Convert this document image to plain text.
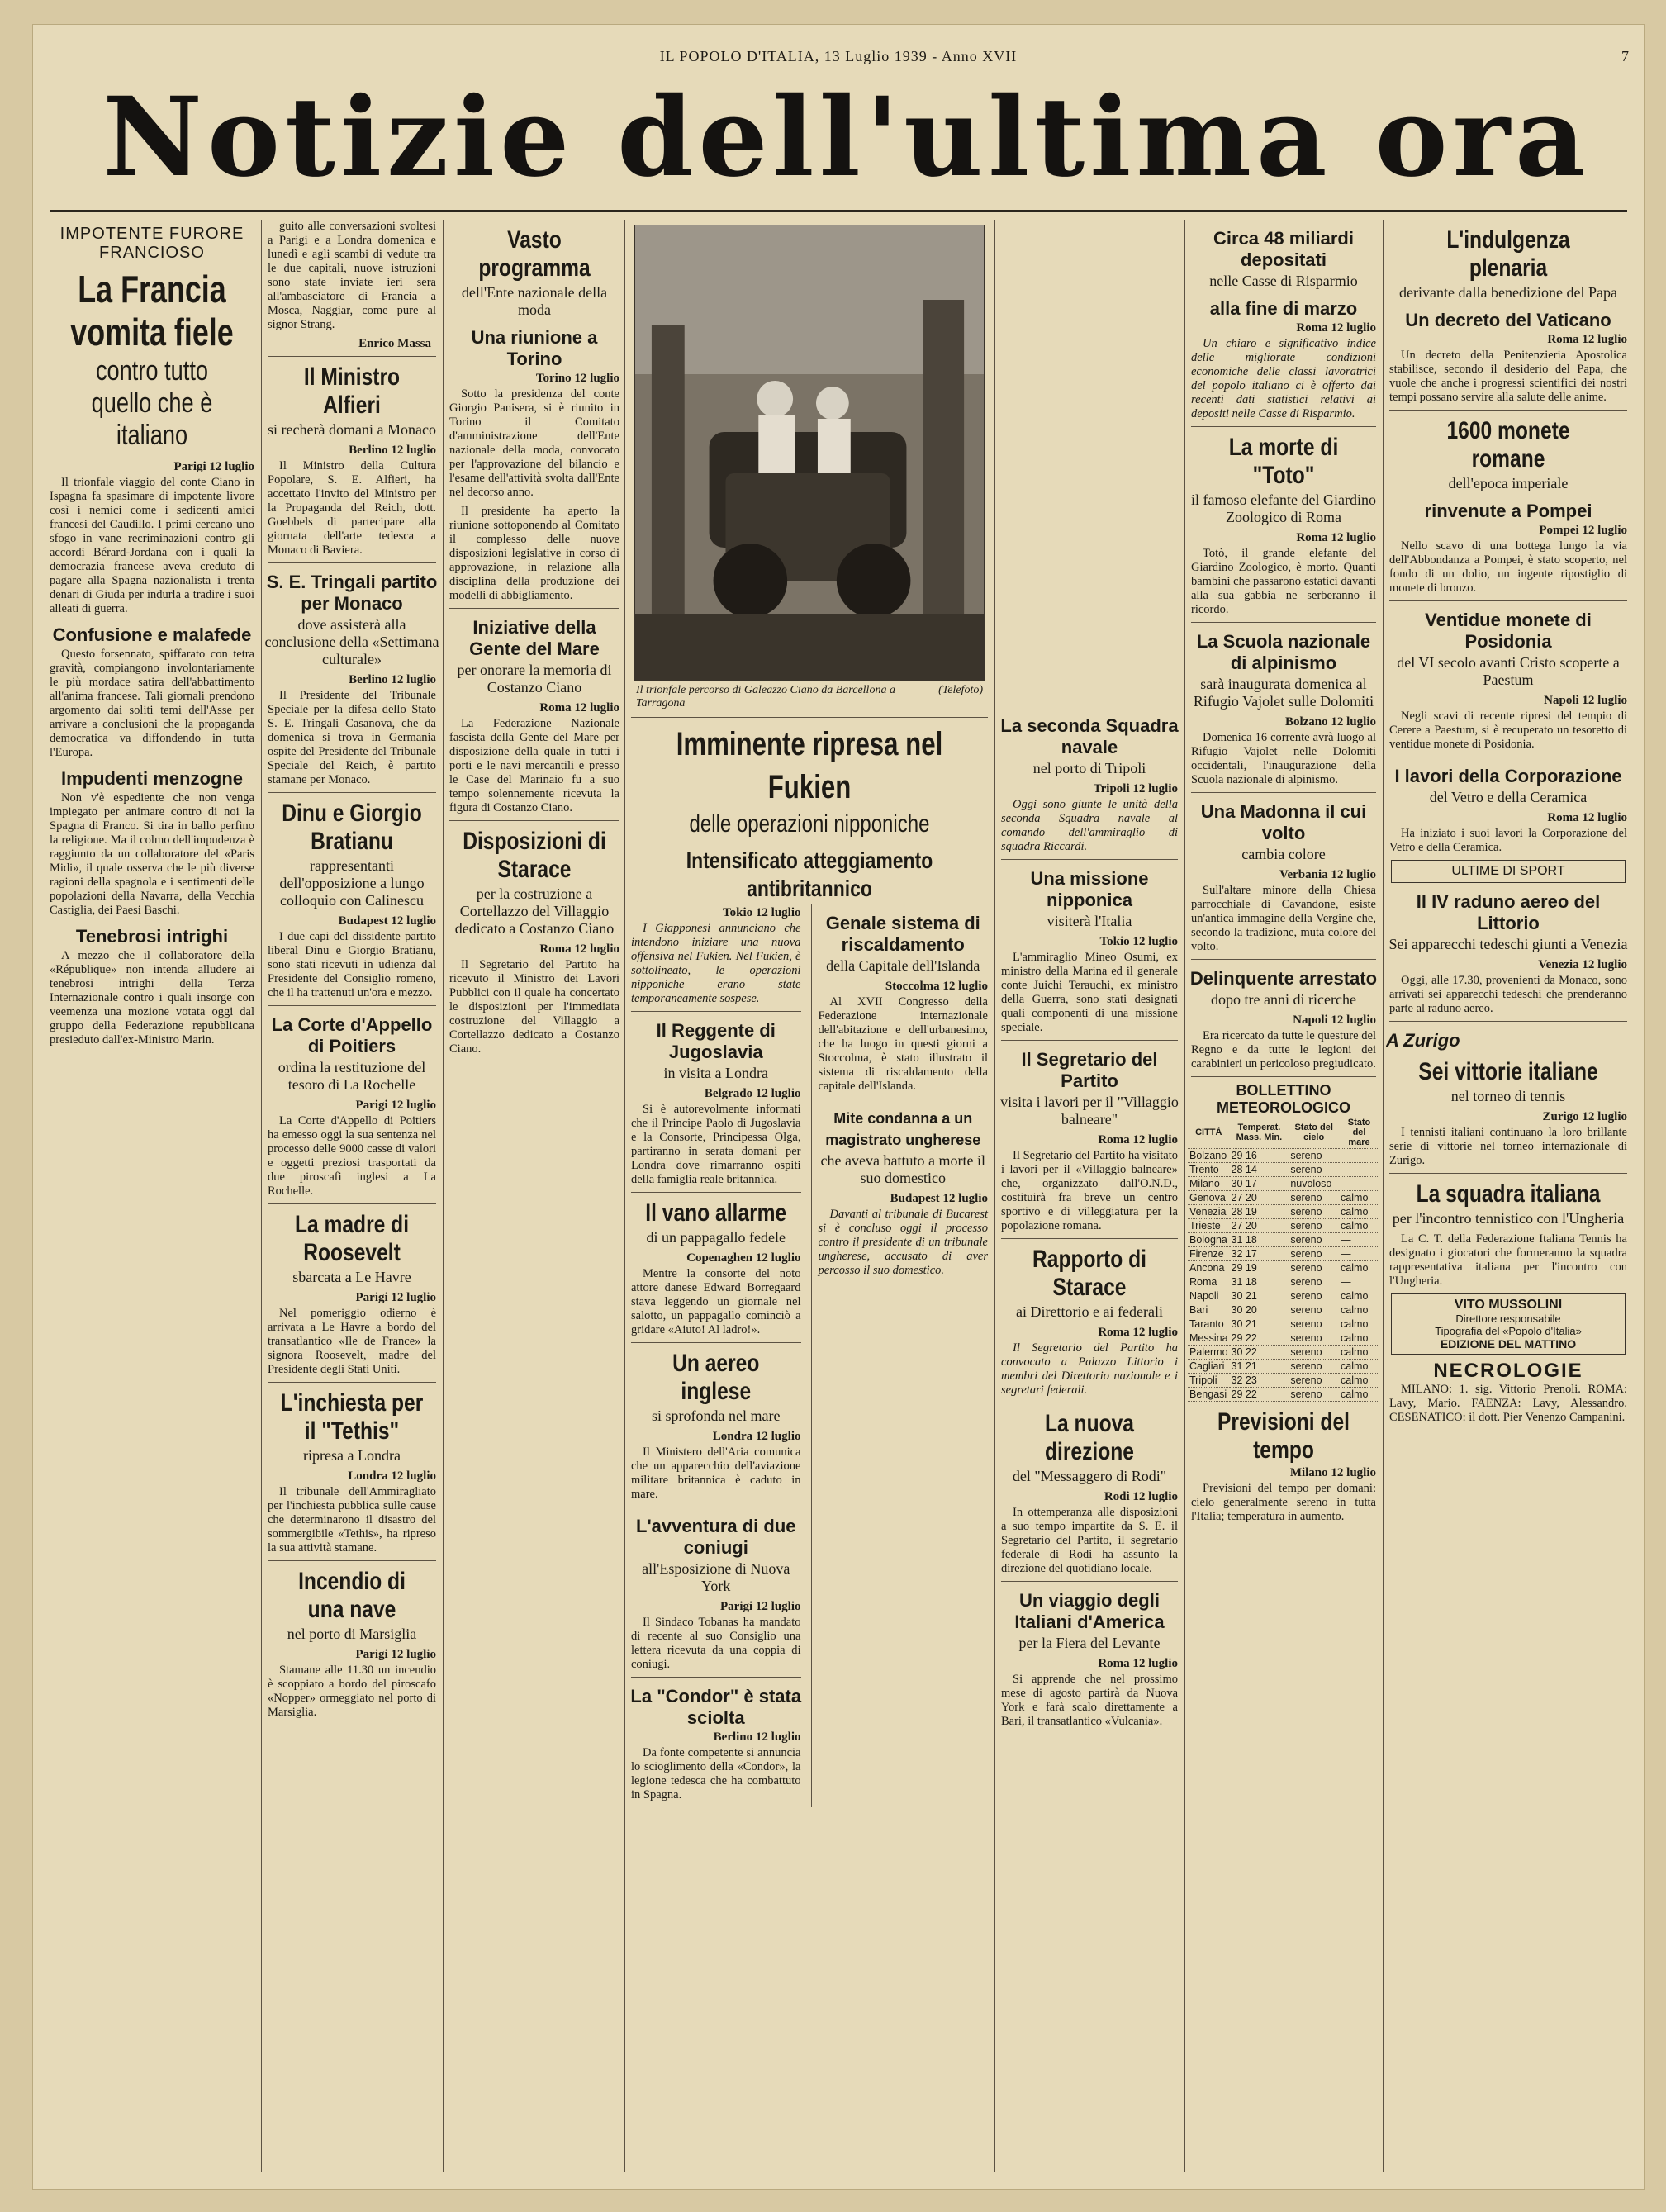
IL POPOLO D'ITALIA, 13 Luglio 1939 - Anno XVII	7
Notizie dell'ultima ora
IMPOTENTE FURORE FRANCIOSO
La Francia vomita fiele
contro tutto quello che è italiano
Parigi 12 luglio

Il trionfale viaggio del conte Ciano in Ispagna fa spasimare di impotente livore così i nemici come i sedicenti amici francesi del Caudillo. I primi cercano uno sfogo in vane recriminazioni contro gli accordi Bérard-Jordana con i quali la democrazia francese aveva creduto di pagare alla Spagna nazionalista i trenta denari di Giuda per indurla a tradire i suoi alleati di guerra.

Confusione e malafede

Questo forsennato, spiffarato con tetra gravità, compiangono involontariamente le più mordace satira dell'abbattimento all'anima francese. Tali giornali prendono argomento dai soliti temi dell'Asse per arrivare a conclusioni che la propaganda democratica va diffondendo in tutta l'Europa.

Impudenti menzogne

Non v'è espediente che non venga impiegato per animare contro di noi la Spagna di Franco. Si tira in ballo perfino la religione. Ma il colmo dell'impudenza è raggiunto da un collaboratore del «Paris Midi», il quale osserva che le più diverse ragioni della spagnola e i sentimenti delle popolazioni della Navarra, della Vecchia Castiglia, dei Paesi Baschi.

Tenebrosi intrighi

A mezzo che il collaboratore della «République» non intenda alludere ai tenebrosi intrighi della Terza Internazionale contro i quali insorge con veemenza una mozione votata oggi dal gruppo della Federazione repubblicana presieduto dall'ex-Ministro Marin.

guito alle conversazioni svoltesi a Parigi e a Londra domenica e lunedì e agli scambi di vedute tra le due capitali, nuove istruzioni sono state inviate ieri sera all'ambasciatore di Francia a Mosca, Naggiar, come pure al signor Strang.

Enrico Massa
Il Ministro Alfieri
si recherà domani a Monaco
Berlino 12 luglio

Il Ministro della Cultura Popolare, S. E. Alfieri, ha accettato l'invito del Ministro per la Propaganda del Reich, dott. Goebbels di partecipare alla giornata dell'arte tedesca a Monaco di Baviera.

S. E. Tringali partito per Monaco
dove assisterà alla conclusione della «Settimana culturale»
Berlino 12 luglio

Il Presidente del Tribunale Speciale per la difesa dello Stato S. E. Tringali Casanova, che da domenica si trova in Germania ospite del Presidente del Tribunale Speciale del Reich, è partito stamane per Monaco.

Dinu e Giorgio Bratianu
rappresentanti dell'opposizione a lungo colloquio con Calinescu
Budapest 12 luglio

I due capi del dissidente partito liberal Dinu e Giorgio Bratianu, sono stati ricevuti in udienza dal Presidente del Consiglio romeno, che il ha trattenuti un'ora e mezzo.

La Corte d'Appello di Poitiers
ordina la restituzione del tesoro di La Rochelle
Parigi 12 luglio

La Corte d'Appello di Poitiers ha emesso oggi la sua sentenza nel processo delle 9000 casse di valori e oggetti preziosi trasportati da due piroscafi inglesi a La Rochelle.

La madre di Roosevelt
sbarcata a Le Havre
Parigi 12 luglio

Nel pomeriggio odierno è arrivata a Le Havre a bordo del transatlantico «Ile de France» la signora Roosevelt, madre del Presidente degli Stati Uniti.

L'inchiesta per il "Tethis"
ripresa a Londra
Londra 12 luglio

Il tribunale dell'Ammiragliato per l'inchiesta pubblica sulle cause che determinarono il disastro del sommergibile «Tethis», ha ripreso la sua attività stamane.

Incendio di una nave
nel porto di Marsiglia
Parigi 12 luglio

Stamane alle 11.30 un incendio è scoppiato a bordo del piroscafo «Nopper» ormeggiato nel porto di Marsiglia.

Vasto programma
dell'Ente nazionale della moda
Una riunione a Torino
Torino 12 luglio

Sotto la presidenza del conte Giorgio Panisera, si è riunito in Torino il Comitato d'amministrazione dell'Ente nazionale della moda, convocato per l'approvazione del bilancio e l'esame dell'attività svolta dall'Ente nel decorso anno.

Il presidente ha aperto la riunione sottoponendo al Comitato il complesso delle nuove disposizioni legislative in corso di approvazione, in relazione alla disciplina della produzione dei modelli di abbigliamento.

Iniziative della Gente del Mare
per onorare la memoria di Costanzo Ciano
Roma 12 luglio

La Federazione Nazionale fascista della Gente del Mare per disposizione della quale in tutti i porti e le navi mercantili e presso le Case del Marinaio fu a suo tempo solennemente ricevuta la figura di Costanzo Ciano.

Disposizioni di Starace
per la costruzione a Cortellazzo del Villaggio dedicato a Costanzo Ciano
Roma 12 luglio

Il Segretario del Partito ha ricevuto il Ministro dei Lavori Pubblici con il quale ha concertato le disposizioni per l'immediata costruzione del Villaggio a Cortellazzo dedicato a Costanzo Ciano.

Il trionfale percorso di Galeazzo Ciano da Barcellona a Tarragona
(Telefoto)
Imminente ripresa nel Fukien
delle operazioni nipponiche
Intensificato atteggiamento antibritannico
Tokio 12 luglio

I Giapponesi annunciano che intendono iniziare una nuova offensiva nel Fukien. Nel Fukien, è sottolineato, le operazioni nipponiche erano state temporaneamente sospese.

Il Reggente di Jugoslavia
in visita a Londra
Belgrado 12 luglio

Si è autorevolmente informati che il Principe Paolo di Jugoslavia e la Consorte, Principessa Olga, partiranno in serata domani per Londra dove rimarranno ospiti della famiglia reale britannica.

Il vano allarme
di un pappagallo fedele
Copenaghen 12 luglio

Mentre la consorte del noto attore danese Edward Borregaard stava leggendo un giornale nel salotto, un pappagallo cominciò a gridare «Aiuto! Al ladro!».

Un aereo inglese
si sprofonda nel mare
Londra 12 luglio

Il Ministero dell'Aria comunica che un apparecchio dell'aviazione militare britannica è caduto in mare.

L'avventura di due coniugi
all'Esposizione di Nuova York
Parigi 12 luglio

Il Sindaco Tobanas ha mandato di recente al suo Consiglio una lettera ricevuta da una coppia di coniugi.

La "Condor" è stata sciolta
Berlino 12 luglio

Da fonte competente si annuncia lo scioglimento della «Condor», la legione tedesca che ha combattuto in Spagna.

Genale sistema di riscaldamento
della Capitale dell'Islanda
Stoccolma 12 luglio

Al XVII Congresso della Federazione internazionale dell'abitazione e dell'urbanesimo, che ha luogo in questi giorni a Stoccolma, è stato illustrato il sistema di riscaldamento della capitale dell'Islanda.

Mite condanna a un magistrato ungherese
che aveva battuto a morte il suo domestico
Budapest 12 luglio

Davanti al tribunale di Bucarest si è concluso oggi il processo contro il presidente di un tribunale ungherese, accusato di aver percosso il suo domestico.

La seconda Squadra navale
nel porto di Tripoli
Tripoli 12 luglio

Oggi sono giunte le unità della seconda Squadra navale al comando dell'ammiraglio di squadra Riccardi.

Una missione nipponica
visiterà l'Italia
Tokio 12 luglio

L'ammiraglio Mineo Osumi, ex ministro della Marina ed il generale conte Juichi Terauchi, ex ministro della Guerra, sono stati designati quali componenti di una missione speciale.

Il Segretario del Partito
visita i lavori per il "Villaggio balneare"
Roma 12 luglio

Il Segretario del Partito ha visitato i lavori per il «Villaggio balneare» che, organizzato dall'O.N.D., costituirà fra breve un centro sportivo e di villeggiatura per la popolazione romana.

Rapporto di Starace
ai Direttorio e ai federali
Roma 12 luglio

Il Segretario del Partito ha convocato a Palazzo Littorio i membri del Direttorio nazionale e i segretari federali.

La nuova direzione
del "Messaggero di Rodi"
Rodi 12 luglio

In ottemperanza alle disposizioni a suo tempo impartite da S. E. il Segretario del Partito, il segretario federale di Rodi ha assunto la direzione del quotidiano locale.

Un viaggio degli Italiani d'America
per la Fiera del Levante
Roma 12 luglio

Si apprende che nel prossimo mese di agosto partirà da Nuova York e farà scalo direttamente a Bari, il transatlantico «Vulcania».

Circa 48 miliardi depositati
nelle Casse di Risparmio
alla fine di marzo
Roma 12 luglio

Un chiaro e significativo indice delle migliorate condizioni economiche delle classi lavoratrici del popolo italiano ci è offerto dai recenti dati statistici relativi ai depositi nelle Casse di Risparmio.

La morte di "Toto"
il famoso elefante del Giardino Zoologico di Roma
Roma 12 luglio

Totò, il grande elefante del Giardino Zoologico, è morto. Quanti bambini che passarono estatici davanti alla sua gabbia ne serberanno il ricordo.

La Scuola nazionale di alpinismo
sarà inaugurata domenica al Rifugio Vajolet sulle Dolomiti
Bolzano 12 luglio

Domenica 16 corrente avrà luogo al Rifugio Vajolet nelle Dolomiti occidentali, l'inaugurazione della Scuola nazionale di alpinismo.

Una Madonna il cui volto
cambia colore
Verbania 12 luglio

Sull'altare minore della Chiesa parrocchiale di Cavandone, esiste un'antica immagine della Vergine che, secondo la tradizione, muta colore del volto.

Delinquente arrestato
dopo tre anni di ricerche
Napoli 12 luglio

Era ricercato da tutte le questure del Regno e da tutte le legioni dei carabinieri un pericoloso pregiudicato.

BOLLETTINO METEOROLOGICO
CITTÀ	Temperat. Mass. Min.	Stato del cielo	Stato del mare
Bolzano	29 16	sereno	—
Trento	28 14	sereno	—
Milano	30 17	nuvoloso	—
Genova	27 20	sereno	calmo
Venezia	28 19	sereno	calmo
Trieste	27 20	sereno	calmo
Bologna	31 18	sereno	—
Firenze	32 17	sereno	—
Ancona	29 19	sereno	calmo
Roma	31 18	sereno	—
Napoli	30 21	sereno	calmo
Bari	30 20	sereno	calmo
Taranto	30 21	sereno	calmo
Messina	29 22	sereno	calmo
Palermo	30 22	sereno	calmo
Cagliari	31 21	sereno	calmo
Tripoli	32 23	sereno	calmo
Bengasi	29 22	sereno	calmo
Previsioni del tempo
Milano 12 luglio

Previsioni del tempo per domani: cielo generalmente sereno in tutta l'Italia; temperatura in aumento.

L'indulgenza plenaria
derivante dalla benedizione del Papa
Un decreto del Vaticano
Roma 12 luglio

Un decreto della Penitenzieria Apostolica stabilisce, secondo il desiderio del Papa, che vuole che anche i progressi scientifici dei nostri tempi possano servire alla salute delle anime.

1600 monete romane
dell'epoca imperiale
rinvenute a Pompei
Pompei 12 luglio

Nello scavo di una bottega lungo la via dell'Abbondanza a Pompei, è stato scoperto, nel fondo di un dolio, un ingente ripostiglio di monete di bronzo.

Ventidue monete di Posidonia
del VI secolo avanti Cristo scoperte a Paestum
Napoli 12 luglio

Negli scavi di recente ripresi del tempio di Cerere a Paestum, si è recuperato un tesoretto di ventidue monete di Posidonia.

I lavori della Corporazione
del Vetro e della Ceramica
Roma 12 luglio

Ha iniziato i suoi lavori la Corporazione del Vetro e della Ceramica.

ULTIME DI SPORT
Il IV raduno aereo del Littorio
Sei apparecchi tedeschi giunti a Venezia
Venezia 12 luglio

Oggi, alle 17.30, provenienti da Monaco, sono arrivati sei apparecchi tedeschi che prenderanno parte al raduno aereo.

A Zurigo
Sei vittorie italiane
nel torneo di tennis
Zurigo 12 luglio

I tennisti italiani continuano la loro brillante serie di vittorie nel torneo internazionale di Zurigo.

La squadra italiana
per l'incontro tennistico con l'Ungheria

La C. T. della Federazione Italiana Tennis ha designato i giocatori che formeranno la squadra rappresentativa italiana per l'incontro con l'Ungheria.

VITO MUSSOLINI
Direttore responsabile
Tipografia del «Popolo d'Italia»
EDIZIONE DEL MATTINO
NECROLOGIE

MILANO: 1. sig. Vittorio Prenoli. ROMA: Lavy, Mario. FAENZA: Lavy, Alessandro. CESENATICO: il dott. Pier Venenzo Campanini.
